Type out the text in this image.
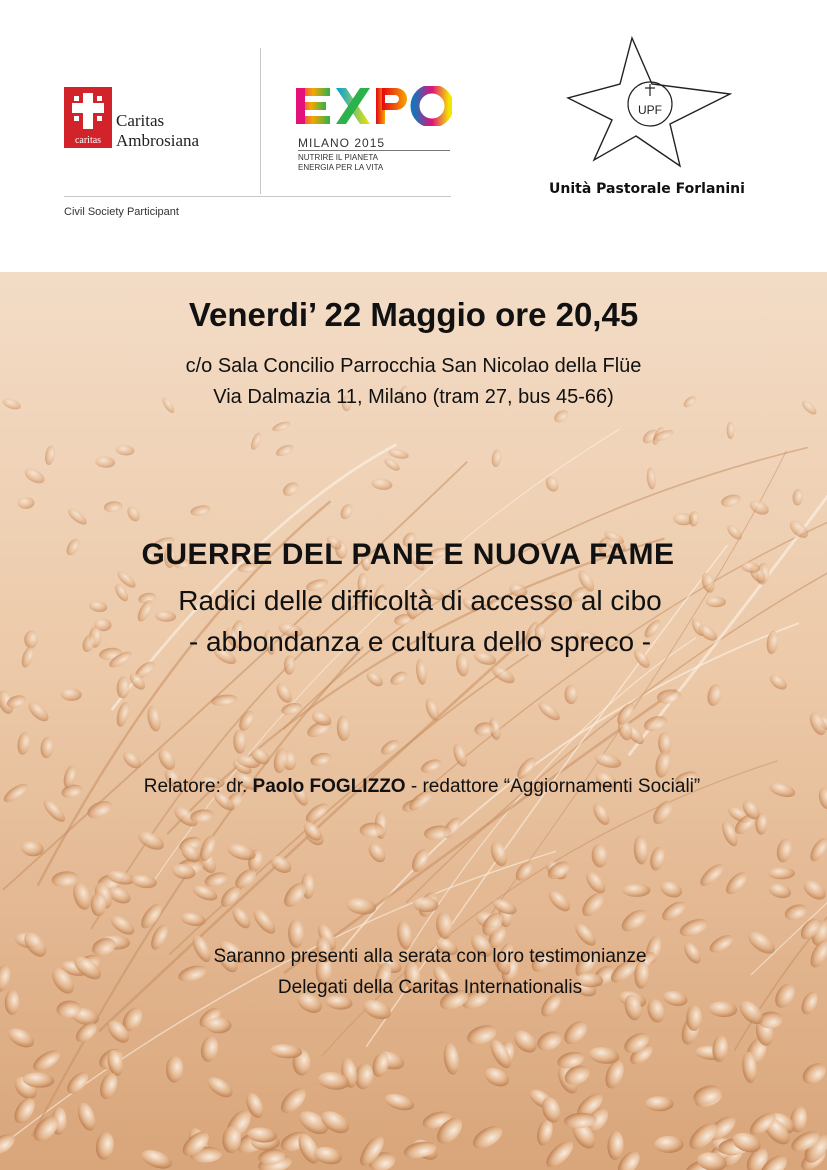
caritas
Caritas
Ambrosiana
Civil Society Participant
EXPO
MILANO 2015
NUTRIRE IL PIANETA
ENERGIA PER LA VITA
UPF
unità pastorale forlanini milano
Unità Pastorale Forlanini
Venerdi’ 22 Maggio ore 20,45
c/o Sala Concilio Parrocchia San Nicolao della Flüe
Via Dalmazia 11, Milano (tram 27, bus 45-66)
GUERRE DEL PANE E NUOVA FAME
Radici delle difficoltà di accesso al cibo
- abbondanza e cultura dello spreco -
Relatore: dr. Paolo FOGLIZZO - redattore “Aggiornamenti Sociali”
Saranno presenti alla serata con loro testimonianze
Delegati della Caritas Internationalis
